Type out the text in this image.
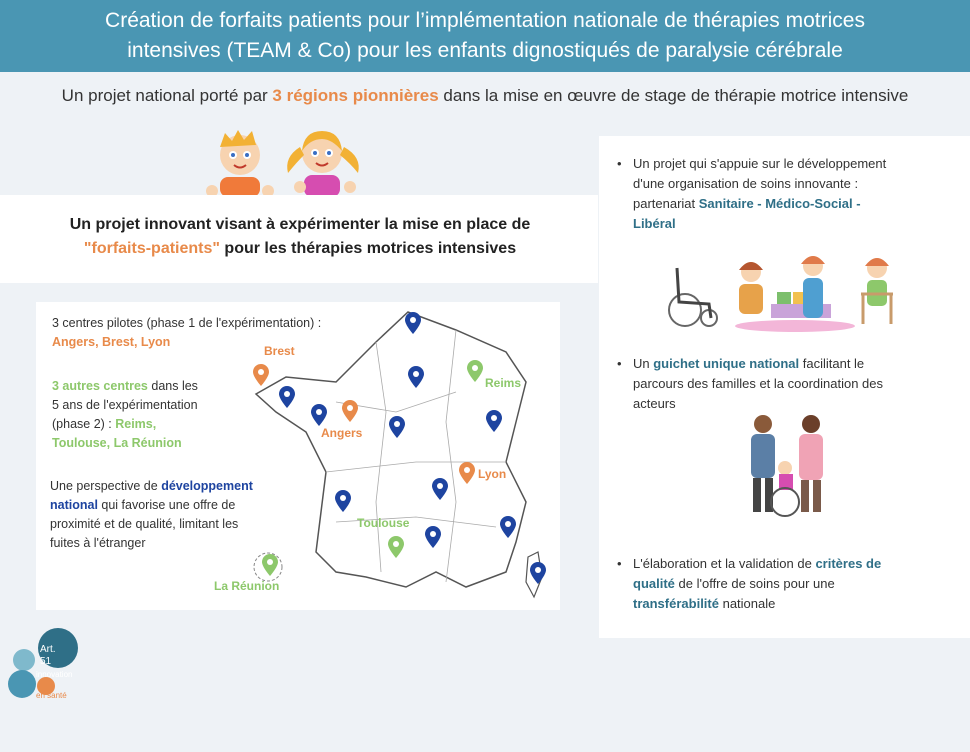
Création de forfaits patients pour l’implémentation nationale de thérapies motrices
intensives (TEAM & Co) pour les enfants dignostiqués de paralysie cérébrale
Un projet national porté par 3 régions pionnières dans la mise en œuvre de stage de thérapie motrice intensive
Un projet innovant visant à expérimenter la mise en place de
"forfaits-patients" pour les thérapies motrices intensives
3 centres pilotes (phase 1 de l'expérimentation) :
Angers, Brest, Lyon
3 autres centres dans les
5 ans de l'expérimentation
(phase 2) : Reims,
Toulouse, La Réunion
Une perspective de développement
national qui favorise une offre de
proximité et de qualité, limitant les
fuites à l'étranger
Brest
Angers
Reims
Lyon
Toulouse
La Réunion
• Un projet qui s'appuie sur le développement
d'une organisation de soins innovante :
partenariat Sanitaire - Médico-Social -
Libéral
• Un guichet unique national facilitant le
parcours des familles et la coordination des
acteurs
• L'élaboration et la validation de critères de
qualité de l'offre de soins pour une
transférabilité nationale
Art.
51
innovation
en santé
